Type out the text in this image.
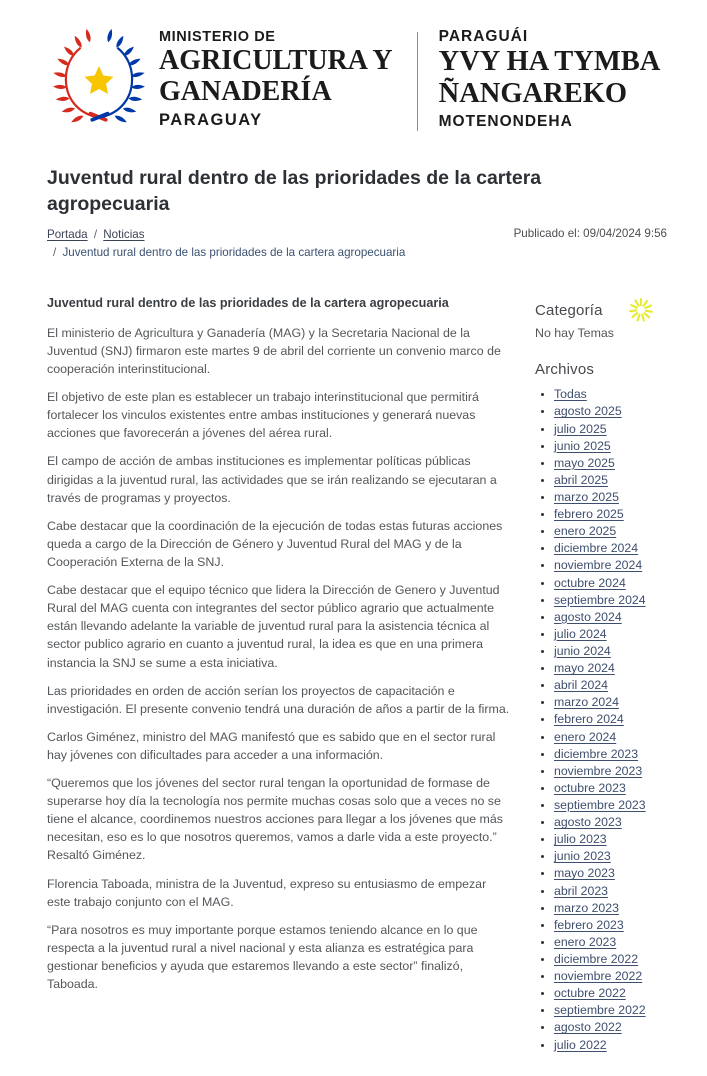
MINISTERIO DE
AGRICULTURA Y
GANADERÍA
PARAGUAY
PARAGUÁI
YVY HA TYMBA
ÑANGAREKO
MOTENONDEHA
Juventud rural dentro de las prioridades de la cartera agropecuaria
Portada / Noticias
/ Juventud rural dentro de las prioridades de la cartera agropecuaria
Publicado el: 09/04/2024 9:56

Juventud rural dentro de las prioridades de la cartera agropecuaria

El ministerio de Agricultura y Ganadería (MAG) y la Secretaria Nacional de la Juventud (SNJ) firmaron este martes 9 de abril del corriente un convenio marco de cooperación interinstitucional.

El objetivo de este plan es establecer un trabajo interinstitucional que permitirá fortalecer los vinculos existentes entre ambas instituciones y generará nuevas acciones que favorecerán a jóvenes del aérea rural.

El campo de acción de ambas instituciones es implementar políticas públicas dirigidas a la juventud rural, las actividades que se irán realizando se ejecutaran a través de programas y proyectos.

Cabe destacar que la coordinación de la ejecución de todas estas futuras acciones queda a cargo de la Dirección de Género y Juventud Rural del MAG y de la Cooperación Externa de la SNJ.

Cabe destacar que el equipo técnico que lidera la Dirección de Genero y Juventud Rural del MAG cuenta con integrantes del sector público agrario que actualmente están llevando adelante la variable de juventud rural para la asistencia técnica al sector publico agrario en cuanto a juventud rural, la idea es que en una primera instancia la SNJ se sume a esta iniciativa.

Las prioridades en orden de acción serían los proyectos de capacitación e investigación. El presente convenio tendrá una duración de años a partir de la firma.

Carlos Giménez, ministro del MAG manifestó que es sabido que en el sector rural hay jóvenes con dificultades para acceder a una información.

“Queremos que los jóvenes del sector rural tengan la oportunidad de formase de superarse hoy día la tecnología nos permite muchas cosas solo que a veces no se tiene el alcance, coordinemos nuestros acciones para llegar a los jóvenes que más necesitan, eso es lo que nosotros queremos, vamos a darle vida a este proyecto.” Resaltó Giménez.

Florencia Taboada, ministra de la Juventud, expreso su entusiasmo de empezar este trabajo conjunto con el MAG.

“Para nosotros es muy importante porque estamos teniendo alcance en lo que respecta a la juventud rural a nivel nacional y esta alianza es estratégica para gestionar beneficios y ayuda que estaremos llevando a este sector” finalizó, Taboada.

Categoría
No hay Temas
Archivos
• Todas
• agosto 2025
• julio 2025
• junio 2025
• mayo 2025
• abril 2025
• marzo 2025
• febrero 2025
• enero 2025
• diciembre 2024
• noviembre 2024
• octubre 2024
• septiembre 2024
• agosto 2024
• julio 2024
• junio 2024
• mayo 2024
• abril 2024
• marzo 2024
• febrero 2024
• enero 2024
• diciembre 2023
• noviembre 2023
• octubre 2023
• septiembre 2023
• agosto 2023
• julio 2023
• junio 2023
• mayo 2023
• abril 2023
• marzo 2023
• febrero 2023
• enero 2023
• diciembre 2022
• noviembre 2022
• octubre 2022
• septiembre 2022
• agosto 2022
• julio 2022
